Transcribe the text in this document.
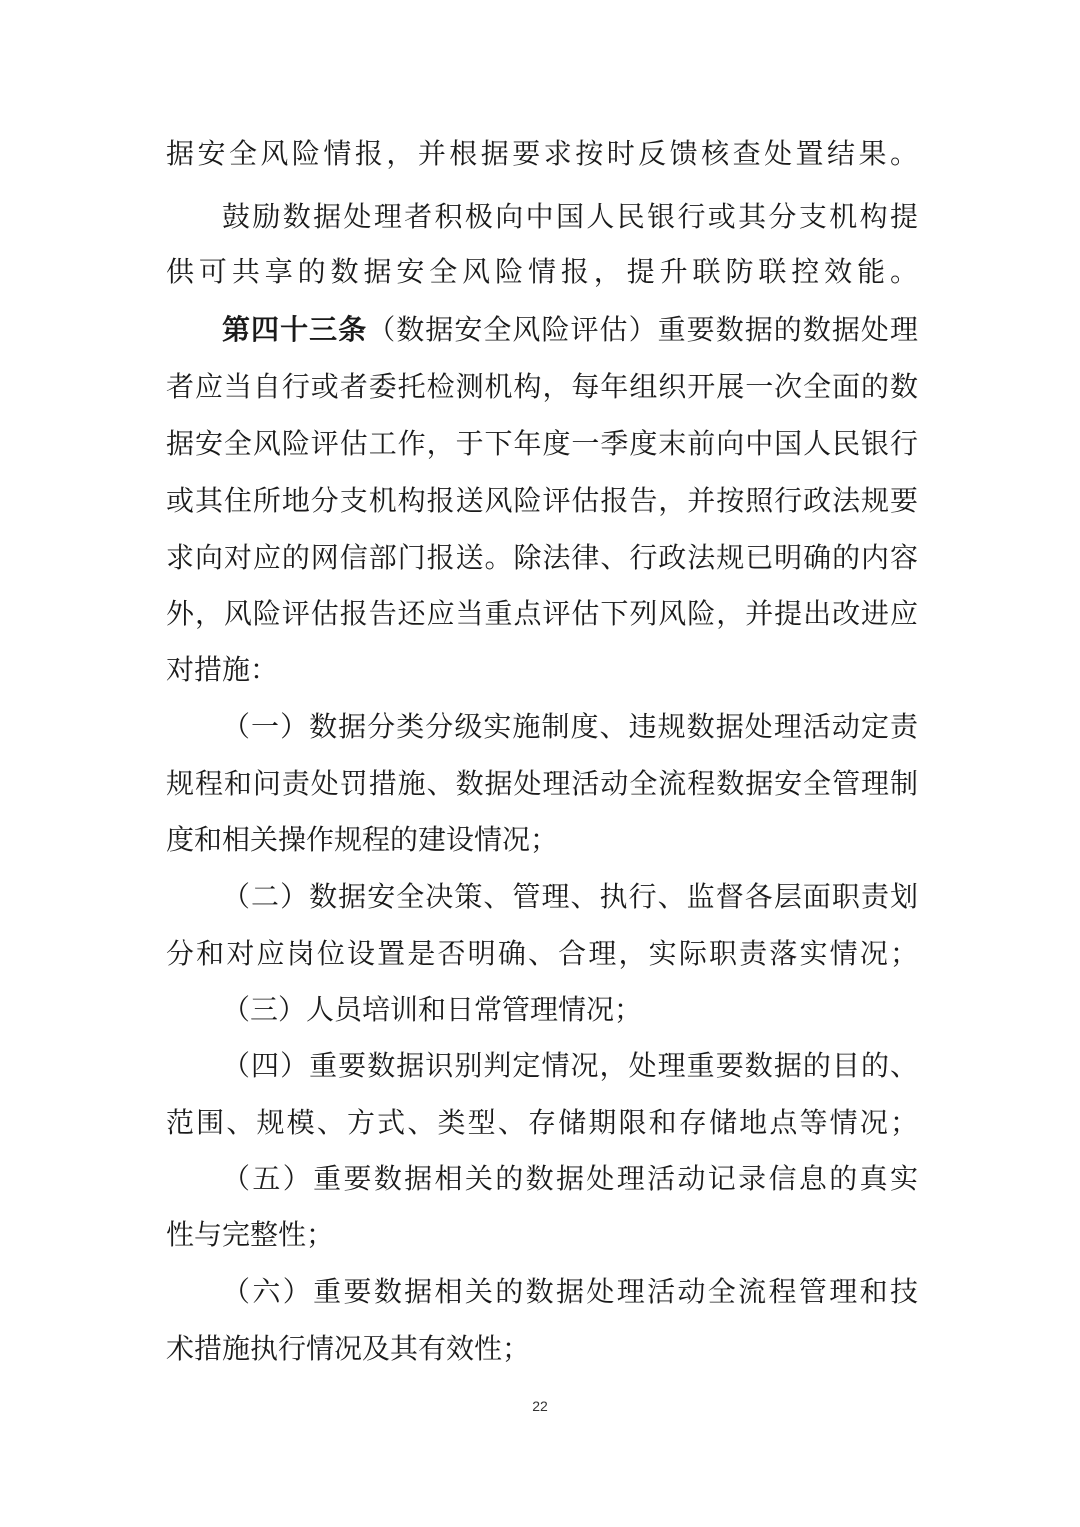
据安全风险情报，并根据要求按时反馈核查处置结果。
鼓励数据处理者积极向中国人民银行或其分支机构提
供可共享的数据安全风险情报，提升联防联控效能。
第四十三条（数据安全风险评估）重要数据的数据处理
者应当自行或者委托检测机构，每年组织开展一次全面的数
据安全风险评估工作，于下年度一季度末前向中国人民银行
或其住所地分支机构报送风险评估报告，并按照行政法规要
求向对应的网信部门报送。除法律、行政法规已明确的内容
外，风险评估报告还应当重点评估下列风险，并提出改进应
对措施：
（一）数据分类分级实施制度、违规数据处理活动定责
规程和问责处罚措施、数据处理活动全流程数据安全管理制
度和相关操作规程的建设情况；
（二）数据安全决策、管理、执行、监督各层面职责划
分和对应岗位设置是否明确、合理，实际职责落实情况；
（三）人员培训和日常管理情况；
（四）重要数据识别判定情况，处理重要数据的目的、
范围、规模、方式、类型、存储期限和存储地点等情况；
（五）重要数据相关的数据处理活动记录信息的真实
性与完整性；
（六）重要数据相关的数据处理活动全流程管理和技
术措施执行情况及其有效性；
22
